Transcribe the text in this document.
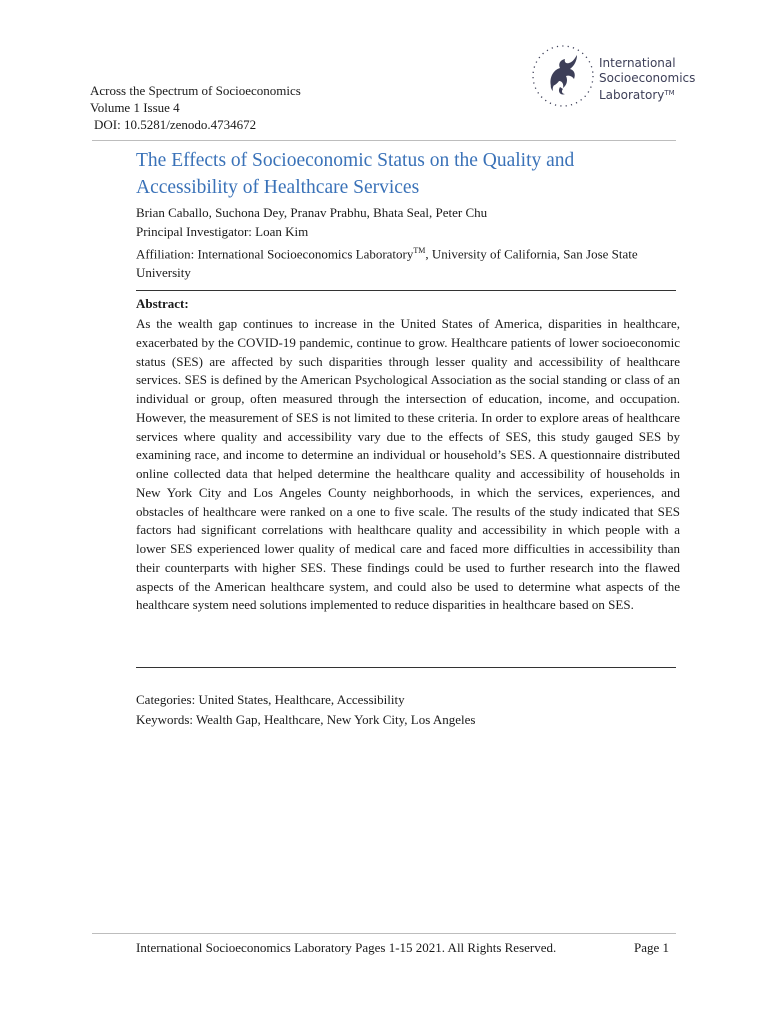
Across the Spectrum of Socioeconomics
Volume 1 Issue 4
DOI: 10.5281/zenodo.4734672
International
Socioeconomics
Laboratory™
The Effects of Socioeconomic Status on the Quality and Accessibility of Healthcare Services
Brian Caballo, Suchona Dey, Pranav Prabhu, Bhata Seal, Peter Chu
Principal Investigator: Loan Kim
Affiliation: International Socioeconomics Laboratory™, University of California, San Jose State University
Abstract:
As the wealth gap continues to increase in the United States of America, disparities in healthcare, exacerbated by the COVID-19 pandemic, continue to grow. Healthcare patients of lower socioeconomic status (SES) are affected by such disparities through lesser quality and accessibility of healthcare services. SES is defined by the American Psychological Association as the social standing or class of an individual or group, often measured through the intersection of education, income, and occupation. However, the measurement of SES is not limited to these criteria. In order to explore areas of healthcare services where quality and accessibility vary due to the effects of SES, this study gauged SES by examining race, and income to determine an individual or household’s SES. A questionnaire distributed online collected data that helped determine the healthcare quality and accessibility of households in New York City and Los Angeles County neighborhoods, in which the services, experiences, and obstacles of healthcare were ranked on a one to five scale. The results of the study indicated that SES factors had significant correlations with healthcare quality and accessibility in which people with a lower SES experienced lower quality of medical care and faced more difficulties in accessibility than their counterparts with higher SES. These findings could be used to further research into the flawed aspects of the American healthcare system, and could also be used to determine what aspects of the healthcare system need solutions implemented to reduce disparities in healthcare based on SES.
Categories: United States, Healthcare, Accessibility
Keywords: Wealth Gap, Healthcare, New York City, Los Angeles
International Socioeconomics Laboratory Pages 1-15 2021. All Rights Reserved.	Page 1
